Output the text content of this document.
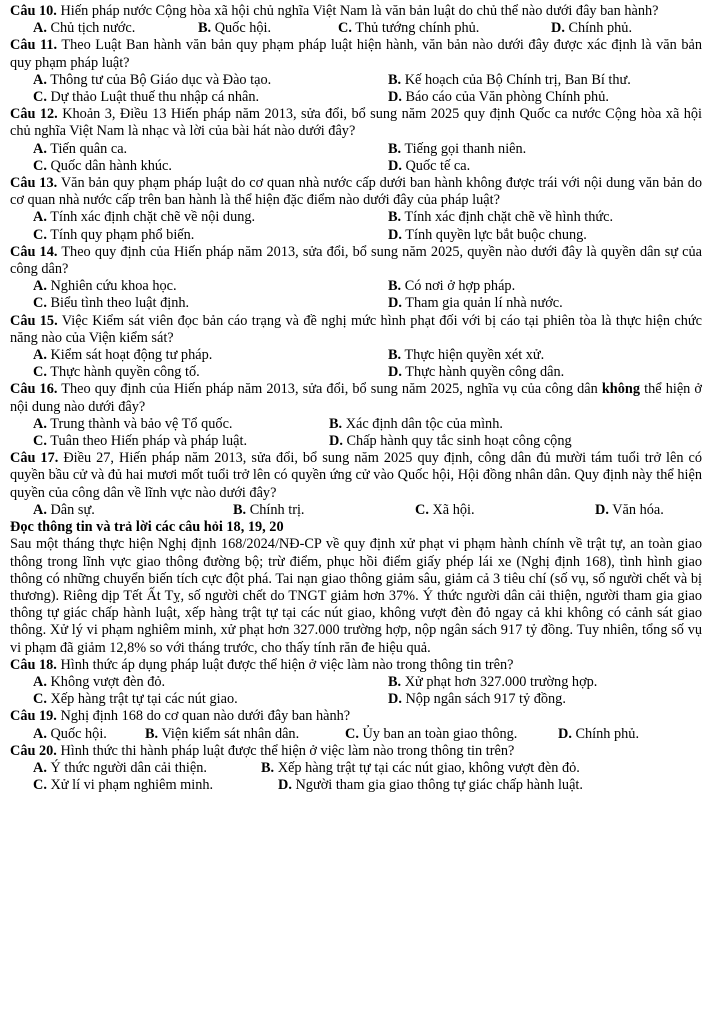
Câu 10. Hiến pháp nước Cộng hòa xã hội chủ nghĩa Việt Nam là văn bản luật do chủ thể nào dưới đây ban hành?

A. Chủ tịch nước.	B. Quốc hội.	C. Thủ tướng chính phủ.	D. Chính phủ.

Câu 11. Theo Luật Ban hành văn bản quy phạm pháp luật hiện hành, văn bản nào dưới đây được xác định là văn bản quy phạm pháp luật?

A. Thông tư của Bộ Giáo dục và Đào tạo.	B. Kế hoạch của Bộ Chính trị, Ban Bí thư.
C. Dự thảo Luật thuế thu nhập cá nhân.	D. Báo cáo của Văn phòng Chính phủ.

Câu 12. Khoản 3, Điều 13 Hiến pháp năm 2013, sửa đổi, bổ sung năm 2025 quy định Quốc ca nước Cộng hòa xã hội chủ nghĩa Việt Nam là nhạc và lời của bài hát nào dưới đây?

A. Tiến quân ca.	B. Tiếng gọi thanh niên.
C. Quốc dân hành khúc.	D. Quốc tế ca.

Câu 13. Văn bản quy phạm pháp luật do cơ quan nhà nước cấp dưới ban hành không được trái với nội dung văn bản do cơ quan nhà nước cấp trên ban hành là thể hiện đặc điểm nào dưới đây của pháp luật?

A. Tính xác định chặt chẽ về nội dung.	B. Tính xác định chặt chẽ về hình thức.
C. Tính quy phạm phổ biến.	D. Tính quyền lực bắt buộc chung.

Câu 14. Theo quy định của Hiến pháp năm 2013, sửa đổi, bổ sung năm 2025, quyền nào dưới đây là quyền dân sự của công dân?

A. Nghiên cứu khoa học.	B. Có nơi ở hợp pháp.
C. Biểu tình theo luật định.	D. Tham gia quản lí nhà nước.

Câu 15. Việc Kiểm sát viên đọc bản cáo trạng và đề nghị mức hình phạt đối với bị cáo tại phiên tòa là thực hiện chức năng nào của Viện kiểm sát?

A. Kiểm sát hoạt động tư pháp.	B. Thực hiện quyền xét xử.
C. Thực hành quyền công tố.	D. Thực hành quyền công dân.

Câu 16. Theo quy định của Hiến pháp năm 2013, sửa đổi, bổ sung năm 2025, nghĩa vụ của công dân không thể hiện ở nội dung nào dưới đây?

A. Trung thành và bảo vệ Tổ quốc.	B. Xác định dân tộc của mình.
C. Tuân theo Hiến pháp và pháp luật.	D. Chấp hành quy tắc sinh hoạt công cộng

Câu 17. Điều 27, Hiến pháp năm 2013, sửa đổi, bổ sung năm 2025 quy định, công dân đủ mười tám tuổi trở lên có quyền bầu cử và đủ hai mươi mốt tuổi trở lên có quyền ứng cử vào Quốc hội, Hội đồng nhân dân. Quy định này thể hiện quyền của công dân về lĩnh vực nào dưới đây?

A. Dân sự.	B. Chính trị.	C. Xã hội.	D. Văn hóa.

Đọc thông tin và trả lời các câu hỏi 18, 19, 20

Sau một tháng thực hiện Nghị định 168/2024/NĐ-CP về quy định xử phạt vi phạm hành chính về trật tự, an toàn giao thông trong lĩnh vực giao thông đường bộ; trừ điểm, phục hồi điểm giấy phép lái xe (Nghị định 168), tình hình giao thông có những chuyển biến tích cực đột phá. Tai nạn giao thông giảm sâu, giảm cả 3 tiêu chí (số vụ, số người chết và bị thương). Riêng dịp Tết Ất Tỵ, số người chết do TNGT giảm hơn 37%. Ý thức người dân cải thiện, người tham gia giao thông tự giác chấp hành luật, xếp hàng trật tự tại các nút giao, không vượt đèn đỏ ngay cả khi không có cảnh sát giao thông. Xử lý vi phạm nghiêm minh, xử phạt hơn 327.000 trường hợp, nộp ngân sách 917 tỷ đồng. Tuy nhiên, tổng số vụ vi phạm đã giảm 12,8% so với tháng trước, cho thấy tính răn đe hiệu quả.

Câu 18. Hình thức áp dụng pháp luật được thể hiện ở việc làm nào trong thông tin trên?

A. Không vượt đèn đỏ.	B. Xử phạt hơn 327.000 trường hợp.
C. Xếp hàng trật tự tại các nút giao.	D. Nộp ngân sách 917 tỷ đồng.

Câu 19. Nghị định 168 do cơ quan nào dưới đây ban hành?

A. Quốc hội.	B. Viện kiểm sát nhân dân.	C. Ủy ban an toàn giao thông.	D. Chính phủ.

Câu 20. Hình thức thi hành pháp luật được thể hiện ở việc làm nào trong thông tin trên?

A. Ý thức người dân cải thiện.	B. Xếp hàng trật tự tại các nút giao, không vượt đèn đỏ.
C. Xử lí vi phạm nghiêm minh.	D. Người tham gia giao thông tự giác chấp hành luật.
